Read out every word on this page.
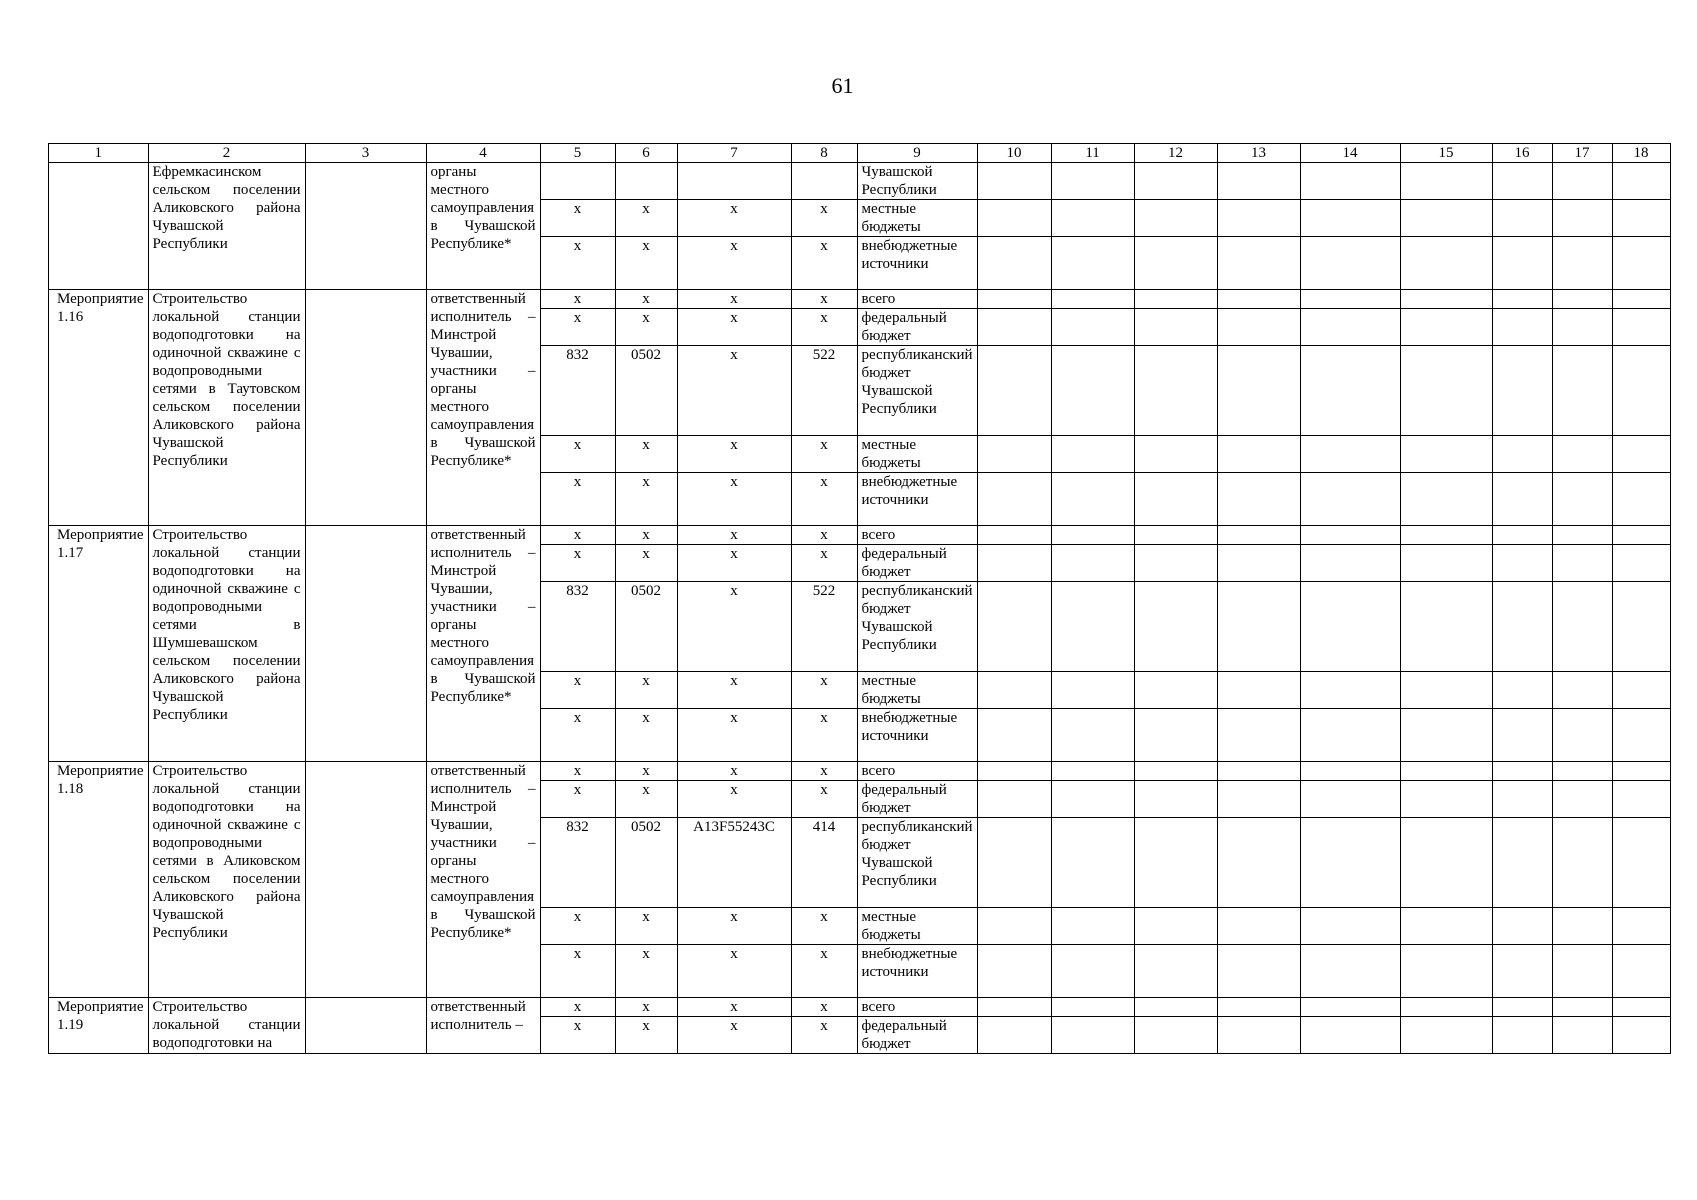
61
1	2	3	4	5	6	7	8	9	10	11	12	13	14	15	16	17	18
	Ефремкасинском сельском поселении Аликовского района Чувашской Республики		органы местного самоуправления в Чувашской Республике*					Чувашской Республики									
				x	x	x	x	местные бюджеты									
				x	x	x	x	внебюджетные источники									
Мероприятие 1.16	Строительство локальной станции водоподготовки на одиночной скважине с водопроводными сетями в Таутовском сельском поселении Аликовского района Чувашской Республики		ответственный исполнитель – Минстрой Чувашии, участники – органы местного самоуправления в Чувашской Республике*	x	x	x	x	всего									
				x	x	x	x	федеральный бюджет									
				832	0502	x	522	республиканский бюджет Чувашской Республики									
				x	x	x	x	местные бюджеты									
				x	x	x	x	внебюджетные источники									
Мероприятие 1.17	Строительство локальной станции водоподготовки на одиночной скважине с водопроводными сетями в Шумшевашском сельском поселении Аликовского района Чувашской Республики		ответственный исполнитель – Минстрой Чувашии, участники – органы местного самоуправления в Чувашской Республике*	x	x	x	x	всего									
				x	x	x	x	федеральный бюджет									
				832	0502	x	522	республиканский бюджет Чувашской Республики									
				x	x	x	x	местные бюджеты									
				x	x	x	x	внебюджетные источники									
Мероприятие 1.18	Строительство локальной станции водоподготовки на одиночной скважине с водопроводными сетями в Аликовском сельском поселении Аликовского района Чувашской Республики		ответственный исполнитель – Минстрой Чувашии, участники – органы местного самоуправления в Чувашской Республике*	x	x	x	x	всего									
				x	x	x	x	федеральный бюджет									
				832	0502	A13F55243C	414	республиканский бюджет Чувашской Республики									
				x	x	x	x	местные бюджеты									
				x	x	x	x	внебюджетные источники									
Мероприятие 1.19	Строительство локальной станции водоподготовки на		ответственный исполнитель –	x	x	x	x	всего									
				x	x	x	x	федеральный бюджет									
